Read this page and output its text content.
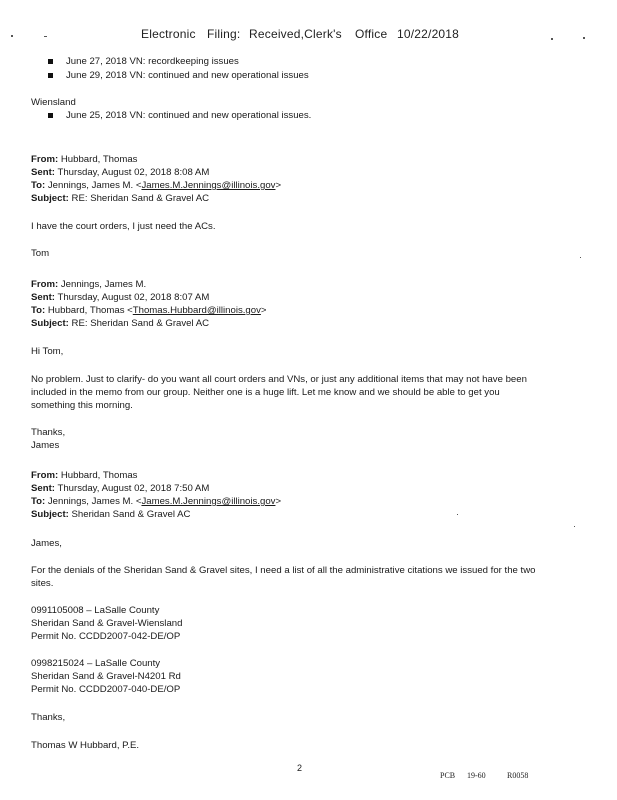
Electronic Filing: Received,Clerk's Office 10/22/2018
June 27, 2018 VN: recordkeeping issues
June 29, 2018 VN: continued and new operational issues
Wiensland
June 25, 2018 VN: continued and new operational issues.
From: Hubbard, Thomas
Sent: Thursday, August 02, 2018 8:08 AM
To: Jennings, James M. <James.M.Jennings@illinois.gov>
Subject: RE: Sheridan Sand & Gravel AC
I have the court orders, I just need the ACs.
Tom
From: Jennings, James M.
Sent: Thursday, August 02, 2018 8:07 AM
To: Hubbard, Thomas <Thomas.Hubbard@illinois.gov>
Subject: RE: Sheridan Sand & Gravel AC
Hi Tom,
No problem. Just to clarify- do you want all court orders and VNs, or just any additional items that may not have been
included in the memo from our group. Neither one is a huge lift. Let me know and we should be able to get you
something this morning.
Thanks,
James
From: Hubbard, Thomas
Sent: Thursday, August 02, 2018 7:50 AM
To: Jennings, James M. <James.M.Jennings@illinois.gov>
Subject: Sheridan Sand & Gravel AC
James,
For the denials of the Sheridan Sand & Gravel sites, I need a list of all the administrative citations we issued for the two
sites.
0991105008 – LaSalle County
Sheridan Sand & Gravel-Wiensland
Permit No. CCDD2007-042-DE/OP
0998215024 – LaSalle County
Sheridan Sand & Gravel-N4201 Rd
Permit No. CCDD2007-040-DE/OP
Thanks,
Thomas W Hubbard, P.E.
2
PCB 19-60	R0058
